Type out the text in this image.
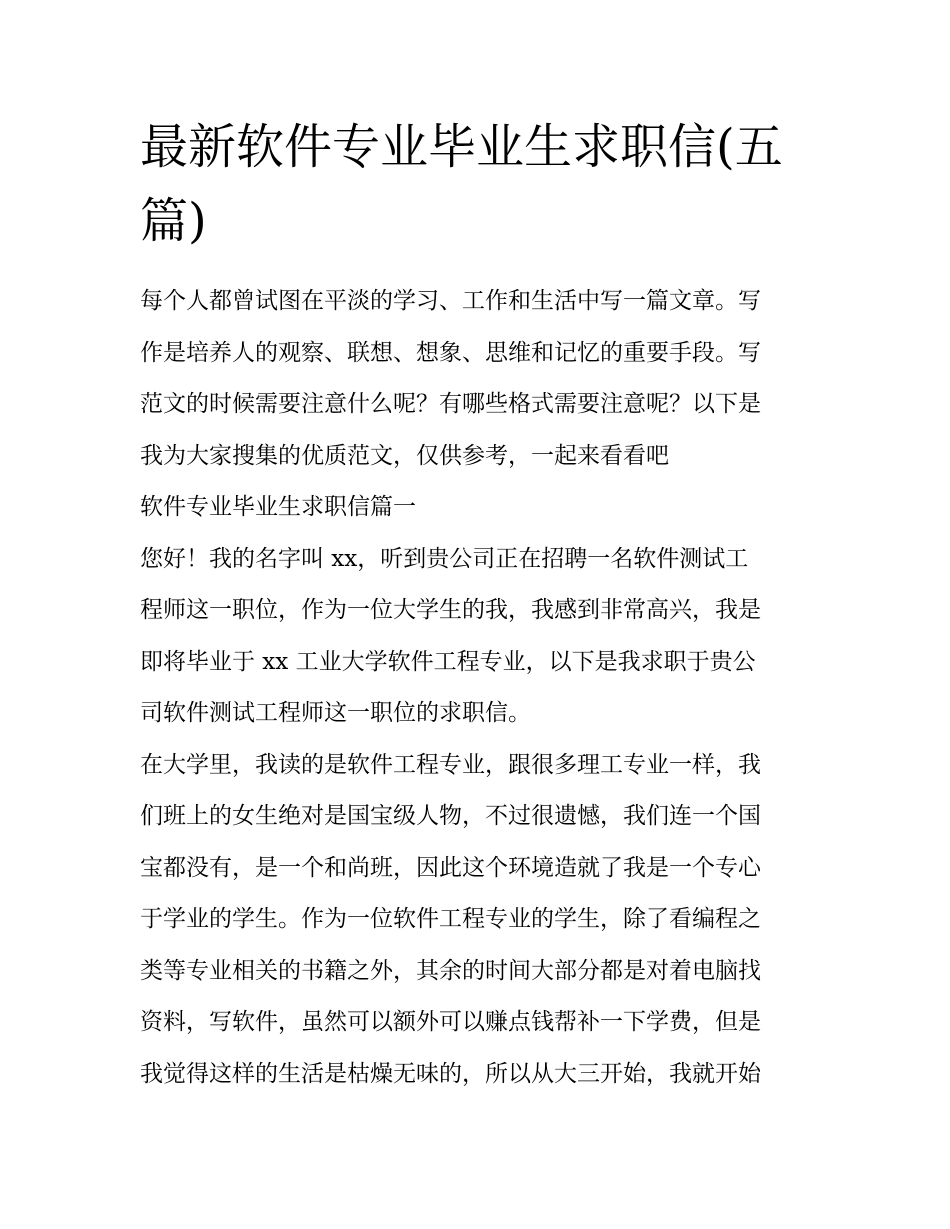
最新软件专业毕业生求职信(五
篇)
每个人都曾试图在平淡的学习、工作和生活中写一篇文章。写
作是培养人的观察、联想、想象、思维和记忆的重要手段。写
范文的时候需要注意什么呢？有哪些格式需要注意呢？以下是
我为大家搜集的优质范文，仅供参考，一起来看看吧
软件专业毕业生求职信篇一
您好！我的名字叫 xx，听到贵公司正在招聘一名软件测试工
程师这一职位，作为一位大学生的我，我感到非常高兴，我是
即将毕业于 xx 工业大学软件工程专业，以下是我求职于贵公
司软件测试工程师这一职位的求职信。
在大学里，我读的是软件工程专业，跟很多理工专业一样，我
们班上的女生绝对是国宝级人物，不过很遗憾，我们连一个国
宝都没有，是一个和尚班，因此这个环境造就了我是一个专心
于学业的学生。作为一位软件工程专业的学生，除了看编程之
类等专业相关的书籍之外，其余的时间大部分都是对着电脑找
资料，写软件，虽然可以额外可以赚点钱帮补一下学费，但是
我觉得这样的生活是枯燥无味的，所以从大三开始，我就开始
